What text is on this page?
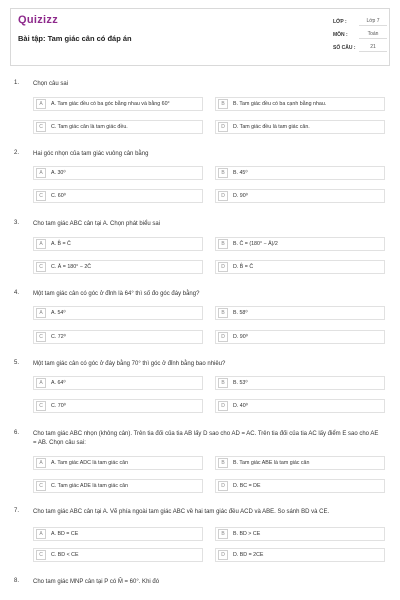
Quizizz
Bài tập: Tam giác cân có đáp án
LỚP :	Lớp 7
MÔN :	Toán
SỐ CÂU :	21
1. Chọn câu sai
A	A. Tam giác đều có ba góc bằng nhau và bằng 60°	B	B. Tam giác đều có ba cạnh bằng nhau.
C	C. Tam giác cân là tam giác đều.	D	D. Tam giác đều là tam giác cân.
2. Hai góc nhọn của tam giác vuông cân bằng
A	A. 30⁰	B	B. 45⁰
C	C. 60⁰	D	D. 90⁰
3. Cho tam giác ABC cân tại A. Chọn phát biểu sai
A	A. B̂ = Ĉ	B	B. Ĉ = (180° − Â)/2
C	C. Â = 180° − 2Ĉ	D	D. B̂ = Ĉ
4. Một tam giác cân có góc ở đỉnh là 64° thì số đo góc đáy bằng?
A	A. 54⁰	B	B. 58⁰
C	C. 72⁰	D	D. 90⁰
5. Một tam giác cân có góc ở đáy bằng 70° thì góc ở đỉnh bằng bao nhiêu?
A	A. 64⁰	B	B. 53⁰
C	C. 70⁰	D	D. 40⁰
6. Cho tam giác ABC nhọn (không cân). Trên tia đối của tia AB lấy D sao cho AD = AC. Trên tia đối của tia AC lấy điểm E sao cho AE = AB. Chọn câu sai:
A	A. Tam giác ADC là tam giác cân	B	B. Tam giác ABE là tam giác cân
C	C. Tam giác ADE là tam giác cân	D	D. BC = DE
7. Cho tam giác ABC cân tại A. Vẽ phía ngoài tam giác ABC về hai tam giác đều ACD và ABE. So sánh BD và CE.
A	A. BD = CE	B	B. BD > CE
C	C. BD < CE	D	D. BD = 2CE
8. Cho tam giác MNP cân tại P có M̂ = 60°. Khi đó
